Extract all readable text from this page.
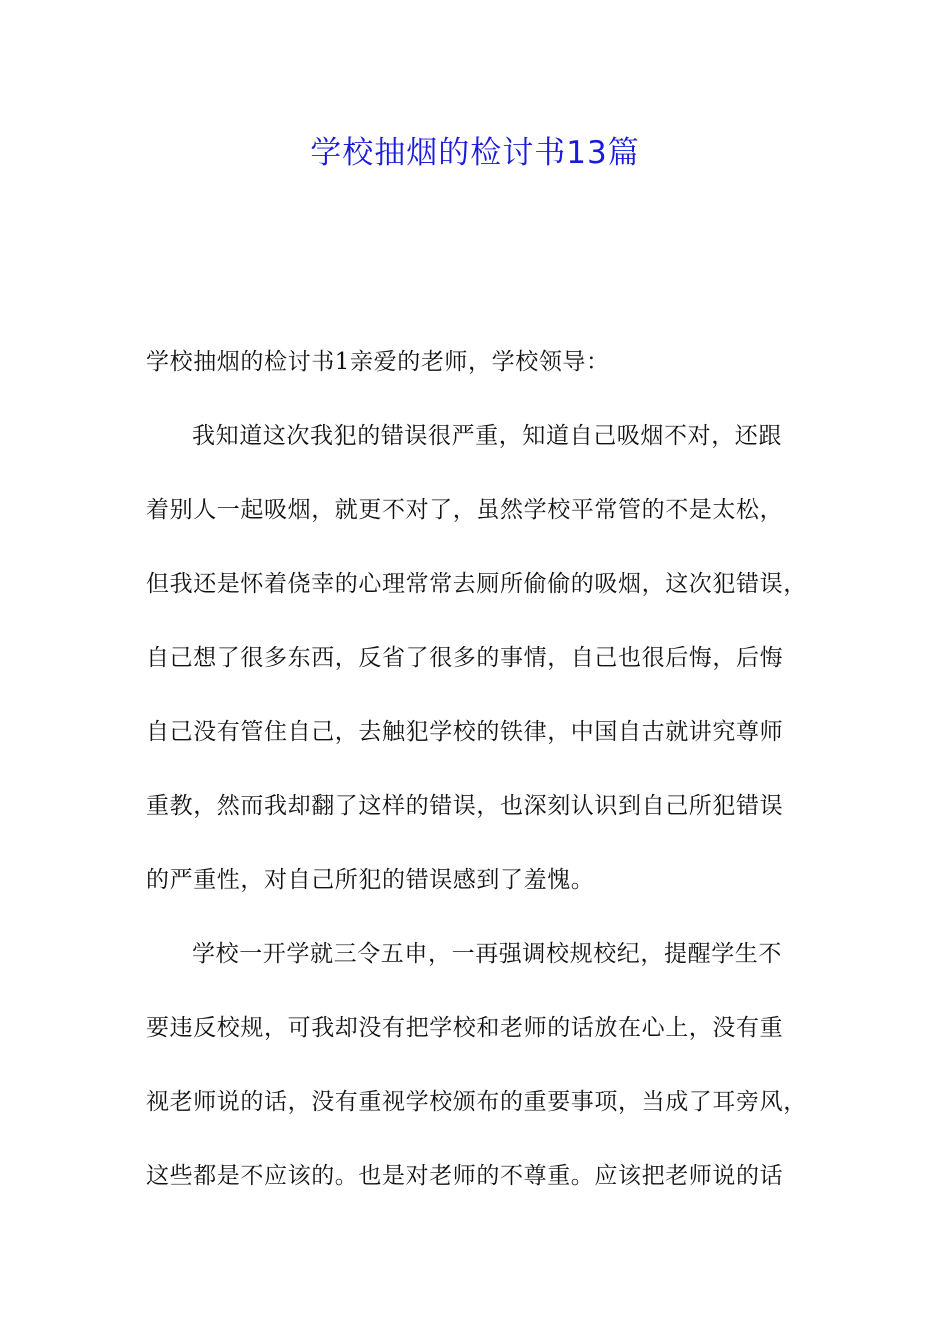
学校抽烟的检讨书13篇
学校抽烟的检讨书1亲爱的老师，学校领导：
我知道这次我犯的错误很严重，知道自己吸烟不对，还跟
着别人一起吸烟，就更不对了，虽然学校平常管的不是太松，
但我还是怀着侥幸的心理常常去厕所偷偷的吸烟，这次犯错误，
自己想了很多东西，反省了很多的事情，自己也很后悔，后悔
自己没有管住自己，去触犯学校的铁律，中国自古就讲究尊师
重教，然而我却翻了这样的错误，也深刻认识到自己所犯错误
的严重性，对自己所犯的错误感到了羞愧。
学校一开学就三令五申，一再强调校规校纪，提醒学生不
要违反校规，可我却没有把学校和老师的话放在心上，没有重
视老师说的话，没有重视学校颁布的重要事项，当成了耳旁风，
这些都是不应该的。也是对老师的不尊重。应该把老师说的话
